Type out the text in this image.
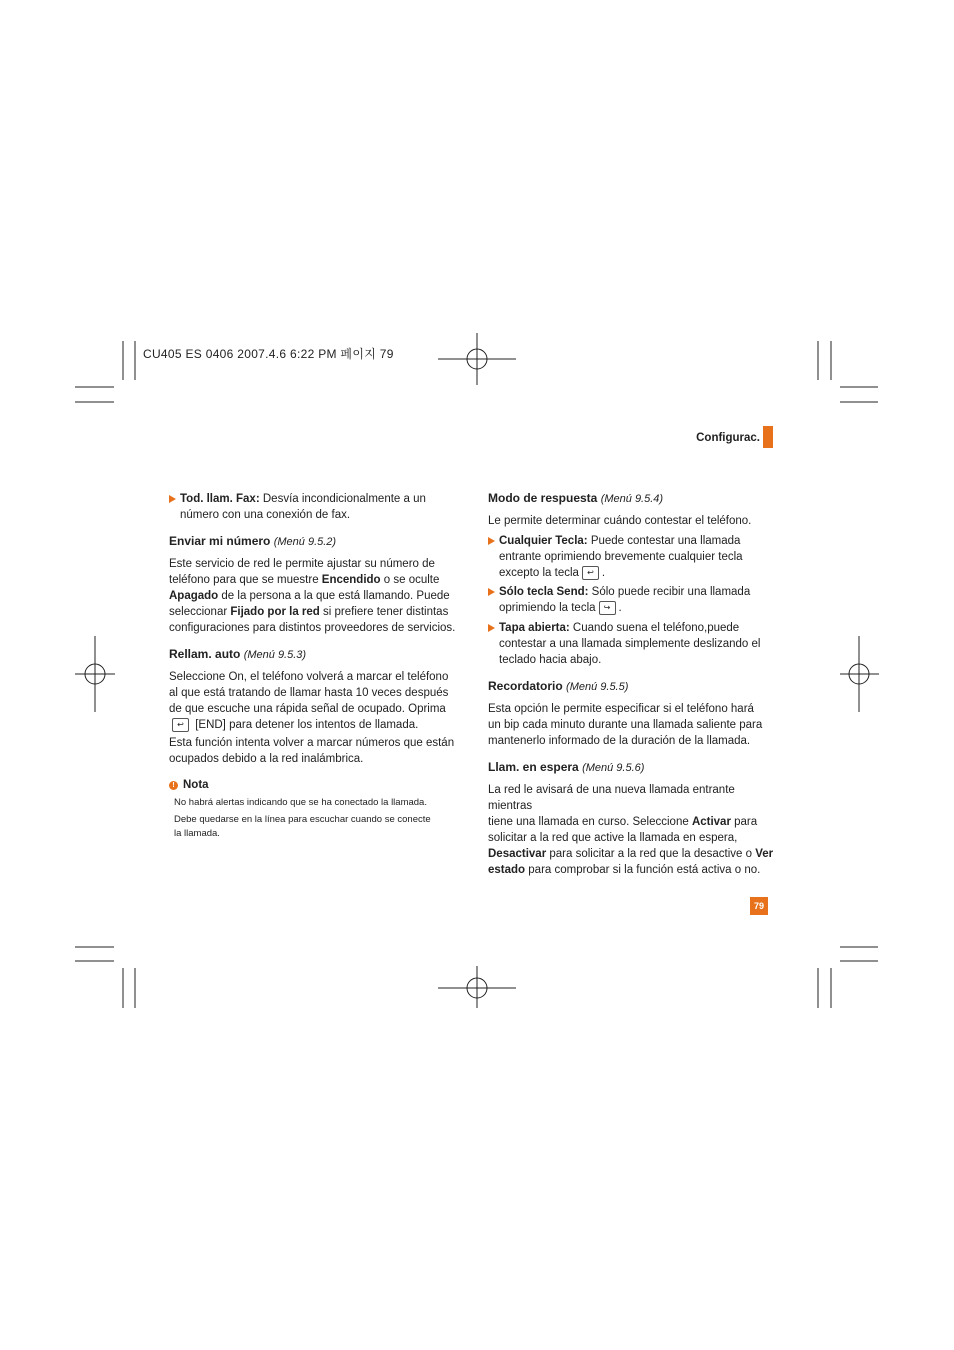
CU405 ES 0406 2007.4.6 6:22 PM 페이지 79
Configurac.
Tod. llam. Fax: Desvía incondicionalmente a un
número con una conexión de fax.
Enviar mi número (Menú 9.5.2)
Este servicio de red le permite ajustar su número de
teléfono para que se muestre Encendido o se oculte
Apagado de la persona a la que está llamando. Puede
seleccionar Fijado por la red si prefiere tener distintas
configuraciones para distintos proveedores de servicios.
Rellam. auto (Menú 9.5.3)
Seleccione On, el teléfono volverá a marcar el teléfono
al que está tratando de llamar hasta 10 veces después
de que escuche una rápida señal de ocupado. Oprima
↩ [END] para detener los intentos de llamada.
Esta función intenta volver a marcar números que están
ocupados debido a la red inalámbrica.
! Nota
No habrá alertas indicando que se ha conectado la llamada.
Debe quedarse en la línea para escuchar cuando se conecte
la llamada.
Modo de respuesta (Menú 9.5.4)
Le permite determinar cuándo contestar el teléfono.
Cualquier Tecla: Puede contestar una llamada
entrante oprimiendo brevemente cualquier tecla
excepto la tecla ↩ .
Sólo tecla Send: Sólo puede recibir una llamada
oprimiendo la tecla ↪ .
Tapa abierta: Cuando suena el teléfono,puede
contestar a una llamada simplemente deslizando el
teclado hacia abajo.
Recordatorio (Menú 9.5.5)
Esta opción le permite especificar si el teléfono hará
un bip cada minuto durante una llamada saliente para
mantenerlo informado de la duración de la llamada.
Llam. en espera (Menú 9.5.6)
La red le avisará de una nueva llamada entrante mientras
tiene una llamada en curso. Seleccione Activar para
solicitar a la red que active la llamada en espera,
Desactivar para solicitar a la red que la desactive o Ver
estado para comprobar si la función está activa o no.
79
